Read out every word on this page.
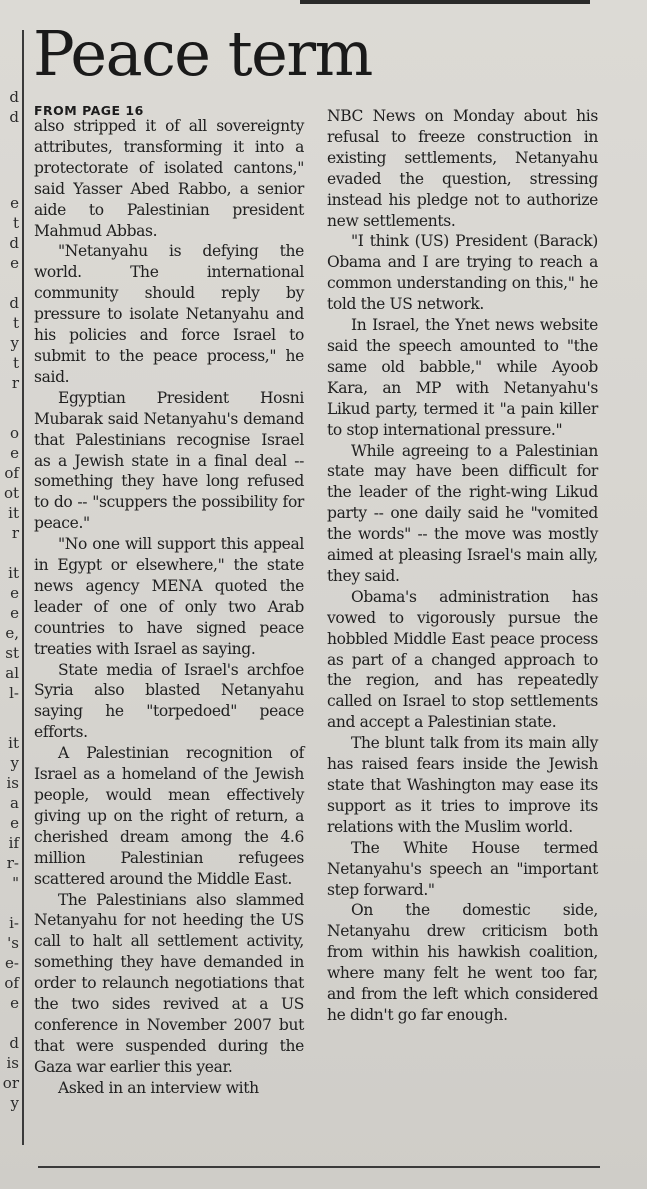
d
d
e
t
d
e
d
t
y
t
r
o
e
of
ot
it
r
it
e
e
e,
st
al
l-
it
y
is
a
e
if
r-
"
i-
's
e-
of
e
d
is
or
y
Peace term
FROM PAGE 16

also stripped it of all sovereignty attributes, transforming it into a protectorate of isolated cantons," said Yasser Abed Rabbo, a senior aide to Palestinian president Mahmud Abbas.

"Netanyahu is defying the world. The international community should reply by pressure to isolate Netanyahu and his policies and force Israel to submit to the peace process," he said.

Egyptian President Hosni Mubarak said Netanyahu's demand that Palestinians recognise Israel as a Jewish state in a final deal -- something they have long refused to do -- "scuppers the possibility for peace."

"No one will support this appeal in Egypt or elsewhere," the state news agency MENA quoted the leader of one of only two Arab countries to have signed peace treaties with Israel as saying.

State media of Israel's archfoe Syria also blasted Netanyahu saying he "torpedoed" peace efforts.

A Palestinian recognition of Israel as a homeland of the Jewish people, would mean effectively giving up on the right of return, a cherished dream among the 4.6 million Palestinian refugees scattered around the Middle East.

The Palestinians also slammed Netanyahu for not heeding the US call to halt all settlement activity, something they have demanded in order to relaunch negotiations that the two sides revived at a US conference in November 2007 but that were suspended during the Gaza war earlier this year.

Asked in an interview with

NBC News on Monday about his refusal to freeze construction in existing settlements, Netanyahu evaded the question, stressing instead his pledge not to authorize new settlements.

"I think (US) President (Barack) Obama and I are trying to reach a common understanding on this," he told the US network.

In Israel, the Ynet news website said the speech amounted to "the same old babble," while Ayoob Kara, an MP with Netanyahu's Likud party, termed it "a pain killer to stop international pressure."

While agreeing to a Palestinian state may have been difficult for the leader of the right-wing Likud party -- one daily said he "vomited the words" -- the move was mostly aimed at pleasing Israel's main ally, they said.

Obama's administration has vowed to vigorously pursue the hobbled Middle East peace process as part of a changed approach to the region, and has repeatedly called on Israel to stop settlements and accept a Palestinian state.

The blunt talk from its main ally has raised fears inside the Jewish state that Washington may ease its support as it tries to improve its relations with the Muslim world.

The White House termed Netanyahu's speech an "important step forward."

On the domestic side, Netanyahu drew criticism both from within his hawkish coalition, where many felt he went too far, and from the left which considered he didn't go far enough.
